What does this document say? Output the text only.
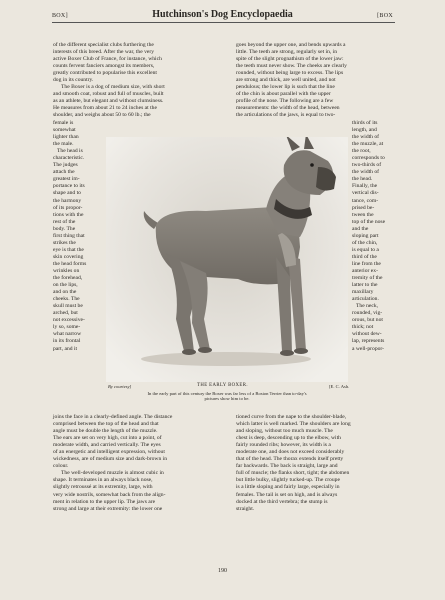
BOX]	Hutchinson's Dog Encyclopaedia	[BOX
of the different specialist clubs furthering the
interests of this breed. After the war, the very
active Boxer Club of France, for instance, which
counts fervent fanciers amongst its members,
greatly contributed to popularise this excellent
dog in its country.
The Boxer is a dog of medium size, with short
and smooth coat, robust and full of muscles, built
as an athlete, but elegant and without clumsiness.
He measures from about 21 to 24 inches at the
shoulder, and weighs about 50 to 60 lb.; the
female is
somewhat
lighter than
the male.
The head is
characteristic.
The judges
attach the
greatest im-
portance to its
shape and to
the harmony
of its propor-
tions with the
rest of the
body. The
first thing that
strikes the
eye is that the
skin covering
the head forms
wrinkles on
the forehead,
on the lips,
and on the
cheeks. The
skull must be
arched, but
not excessive-
ly so, some-
what narrow
in its frontal
part, and it
joins the face in a clearly-defined angle. The distance
comprised between the top of the head and that
angle must be double the length of the muzzle.
The ears are set on very high, cut into a point, of
moderate width, and carried vertically. The eyes
of an energetic and intelligent expression, without
wickedness, are of medium size and dark-brown in
colour.
The well-developed muzzle is almost cubic in
shape. It terminates in an always black nose,
slightly retroussé at its extremity, large, with
very wide nostrils, somewhat back from the align-
ment in relation to the upper lip. The jaws are
strong and large at their extremity: the lower one
goes beyond the upper one, and bends upwards a
little. The teeth are strong, regularly set in, in
spite of the slight prognathism of the lower jaw:
the teeth must never show. The cheeks are clearly
rounded, without being large to excess. The lips
are strong and thick, are well united, and not
pendulous; the lower lip is such that the line
of the chin is about parallel with the upper
profile of the nose. The following are a few
measurements: the width of the head, between
the articulations of the jaws, is equal to two-
thirds of its
length, and
the width of
the muzzle, at
the root,
corresponds to
two-thirds of
the width of
the head.
Finally, the
vertical dis-
tance, com-
prised be-
tween the
top of the nose
and the
sloping part
of the chin,
is equal to a
third of the
line from the
anterior ex-
tremity of the
latter to the
maxillary
articulation.
The neck,
rounded, vig-
orous, but not
thick; not
without dew-
lap, represents
a well-propor-
tioned curve from the nape to the shoulder-blade,
which latter is well marked. The shoulders are long
and sloping, without too much muscle. The
chest is deep, descending up to the elbow, with
fairly rounded ribs; however, its width is a
moderate one, and does not exceed considerably
that of the head. The thorax extends itself pretty
far backwards. The back is straight, large and
full of muscle; the flanks short, tight; the abdomen
but little bulky, slightly tucked-up. The croupe
is a little sloping and fairly large, especially in
females. The tail is set on high, and is always
docked at the third vertebra; the stump is
straight.
By courtesy]	THE EARLY BOXER.	[E. C. Ash.
In the early part of this century the Boxer was far less of a Boston Terrier than to-day's
pictures show him to be.
190
